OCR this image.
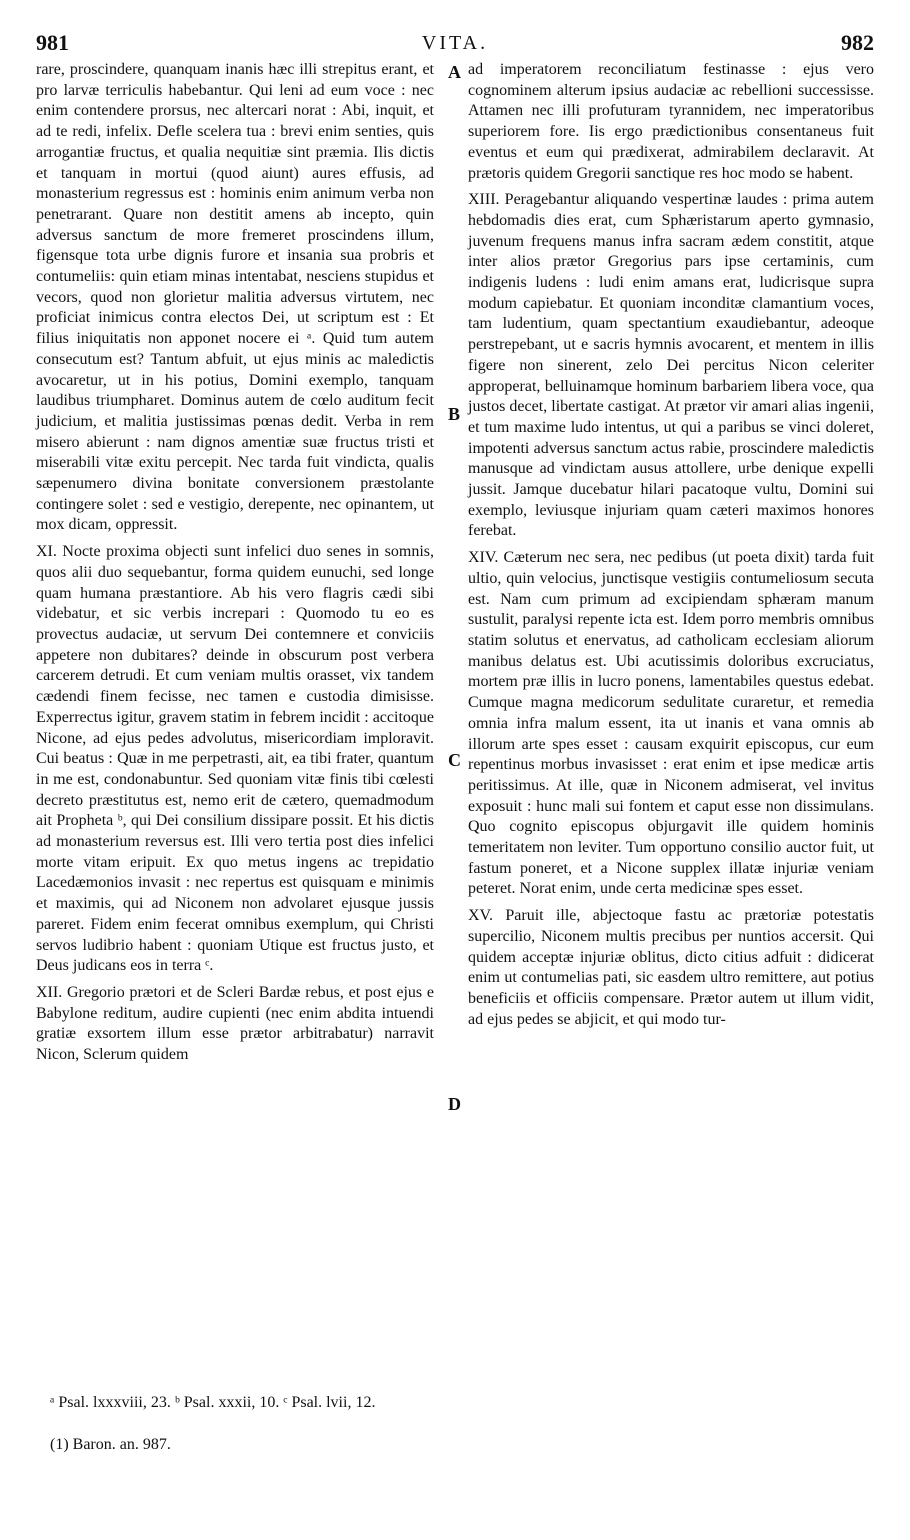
981	VITA.	982

rare, proscindere, quanquam inanis hæc illi strepitus erant, et pro larvæ terriculis habebantur. Qui leni ad eum voce : nec enim contendere prorsus, nec altercari norat : Abi, inquit, et ad te redi, infelix. Defle scelera tua : brevi enim senties, quis arrogantiæ fructus, et qualia nequitiæ sint præmia. Ilis dictis et tanquam in mortui (quod aiunt) aures effusis, ad monasterium regressus est : hominis enim animum verba non penetrarant. Quare non destitit amens ab incepto, quin adversus sanctum de more fremeret proscindens illum, figensque tota urbe dignis furore et insania sua probris et contumeliis: quin etiam minas intentabat, nesciens stupidus et vecors, quod non glorietur malitia adversus virtutem, nec proficiat inimicus contra electos Dei, ut scriptum est : Et filius iniquitatis non apponet nocere ei ᵃ. Quid tum autem consecutum est? Tantum abfuit, ut ejus minis ac maledictis avocaretur, ut in his potius, Domini exemplo, tanquam laudibus triumpharet. Dominus autem de cœlo auditum fecit judicium, et malitia justissimas pœnas dedit. Verba in rem misero abierunt : nam dignos amentiæ suæ fructus tristi et miserabili vitæ exitu percepit. Nec tarda fuit vindicta, qualis sæpenumero divina bonitate conversionem præstolante contingere solet : sed e vestigio, derepente, nec opinantem, ut mox dicam, oppressit.

XI. Nocte proxima objecti sunt infelici duo senes in somnis, quos alii duo sequebantur, forma quidem eunuchi, sed longe quam humana præstantiore. Ab his vero flagris cædi sibi videbatur, et sic verbis increpari : Quomodo tu eo es provectus audaciæ, ut servum Dei contemnere et conviciis appetere non dubitares? deinde in obscurum post verbera carcerem detrudi. Et cum veniam multis orasset, vix tandem cædendi finem fecisse, nec tamen e custodia dimisisse. Experrectus igitur, gravem statim in febrem incidit : accitoque Nicone, ad ejus pedes advolutus, misericordiam imploravit. Cui beatus : Quæ in me perpetrasti, ait, ea tibi frater, quantum in me est, condonabuntur. Sed quoniam vitæ finis tibi cœlesti decreto præstitutus est, nemo erit de cætero, quemadmodum ait Propheta ᵇ, qui Dei consilium dissipare possit. Et his dictis ad monasterium reversus est. Illi vero tertia post dies infelici morte vitam eripuit. Ex quo metus ingens ac trepidatio Lacedæmonios invasit : nec repertus est quisquam e minimis et maximis, qui ad Niconem non advolaret ejusque jussis pareret. Fidem enim fecerat omnibus exemplum, qui Christi servos ludibrio habent : quoniam Utique est fructus justo, et Deus judicans eos in terra ᶜ.

XII. Gregorio prætori et de Scleri Bardæ rebus, et post ejus e Babylone reditum, audire cupienti (nec enim abdita intuendi gratiæ exsortem illum esse prætor arbitrabatur) narravit Nicon, Sclerum quidem

A
B
C
D

ad imperatorem reconciliatum festinasse : ejus vero cognominem alterum ipsius audaciæ ac rebellioni successisse. Attamen nec illi profuturam tyrannidem, nec imperatoribus superiorem fore. Iis ergo prædictionibus consentaneus fuit eventus et eum qui prædixerat, admirabilem declaravit. At prætoris quidem Gregorii sanctique res hoc modo se habent.

XIII. Peragebantur aliquando vespertinæ laudes : prima autem hebdomadis dies erat, cum Sphæristarum aperto gymnasio, juvenum frequens manus infra sacram ædem constitit, atque inter alios prætor Gregorius pars ipse certaminis, cum indigenis ludens : ludi enim amans erat, ludicrisque supra modum capiebatur. Et quoniam inconditæ clamantium voces, tam ludentium, quam spectantium exaudiebantur, adeoque perstrepebant, ut e sacris hymnis avocarent, et mentem in illis figere non sinerent, zelo Dei percitus Nicon celeriter approperat, belluinamque hominum barbariem libera voce, qua justos decet, libertate castigat. At prætor vir amari alias ingenii, et tum maxime ludo intentus, ut qui a paribus se vinci doleret, impotenti adversus sanctum actus rabie, proscindere maledictis manusque ad vindictam ausus attollere, urbe denique expelli jussit. Jamque ducebatur hilari pacatoque vultu, Domini sui exemplo, leviusque injuriam quam cæteri maximos honores ferebat.

XIV. Cæterum nec sera, nec pedibus (ut poeta dixit) tarda fuit ultio, quin velocius, junctisque vestigiis contumeliosum secuta est. Nam cum primum ad excipiendam sphæram manum sustulit, paralysi repente icta est. Idem porro membris omnibus statim solutus et enervatus, ad catholicam ecclesiam aliorum manibus delatus est. Ubi acutissimis doloribus excruciatus, mortem præ illis in lucro ponens, lamentabiles questus edebat. Cumque magna medicorum sedulitate curaretur, et remedia omnia infra malum essent, ita ut inanis et vana omnis ab illorum arte spes esset : causam exquirit episcopus, cur eum repentinus morbus invasisset : erat enim et ipse medicæ artis peritissimus. At ille, quæ in Niconem admiserat, vel invitus exposuit : hunc mali sui fontem et caput esse non dissimulans. Quo cognito episcopus objurgavit ille quidem hominis temeritatem non leviter. Tum opportuno consilio auctor fuit, ut fastum poneret, et a Nicone supplex illatæ injuriæ veniam peteret. Norat enim, unde certa medicinæ spes esset.

XV. Paruit ille, abjectoque fastu ac prætoriæ potestatis supercilio, Niconem multis precibus per nuntios accersit. Qui quidem acceptæ injuriæ oblitus, dicto citius adfuit : didicerat enim ut contumelias pati, sic easdem ultro remittere, aut potius beneficiis et officiis compensare. Prætor autem ut illum vidit, ad ejus pedes se abjicit, et qui modo tur-

ᵃ Psal. lxxxviii, 23. ᵇ Psal. xxxii, 10. ᶜ Psal. lvii, 12.
(1) Baron. an. 987.
